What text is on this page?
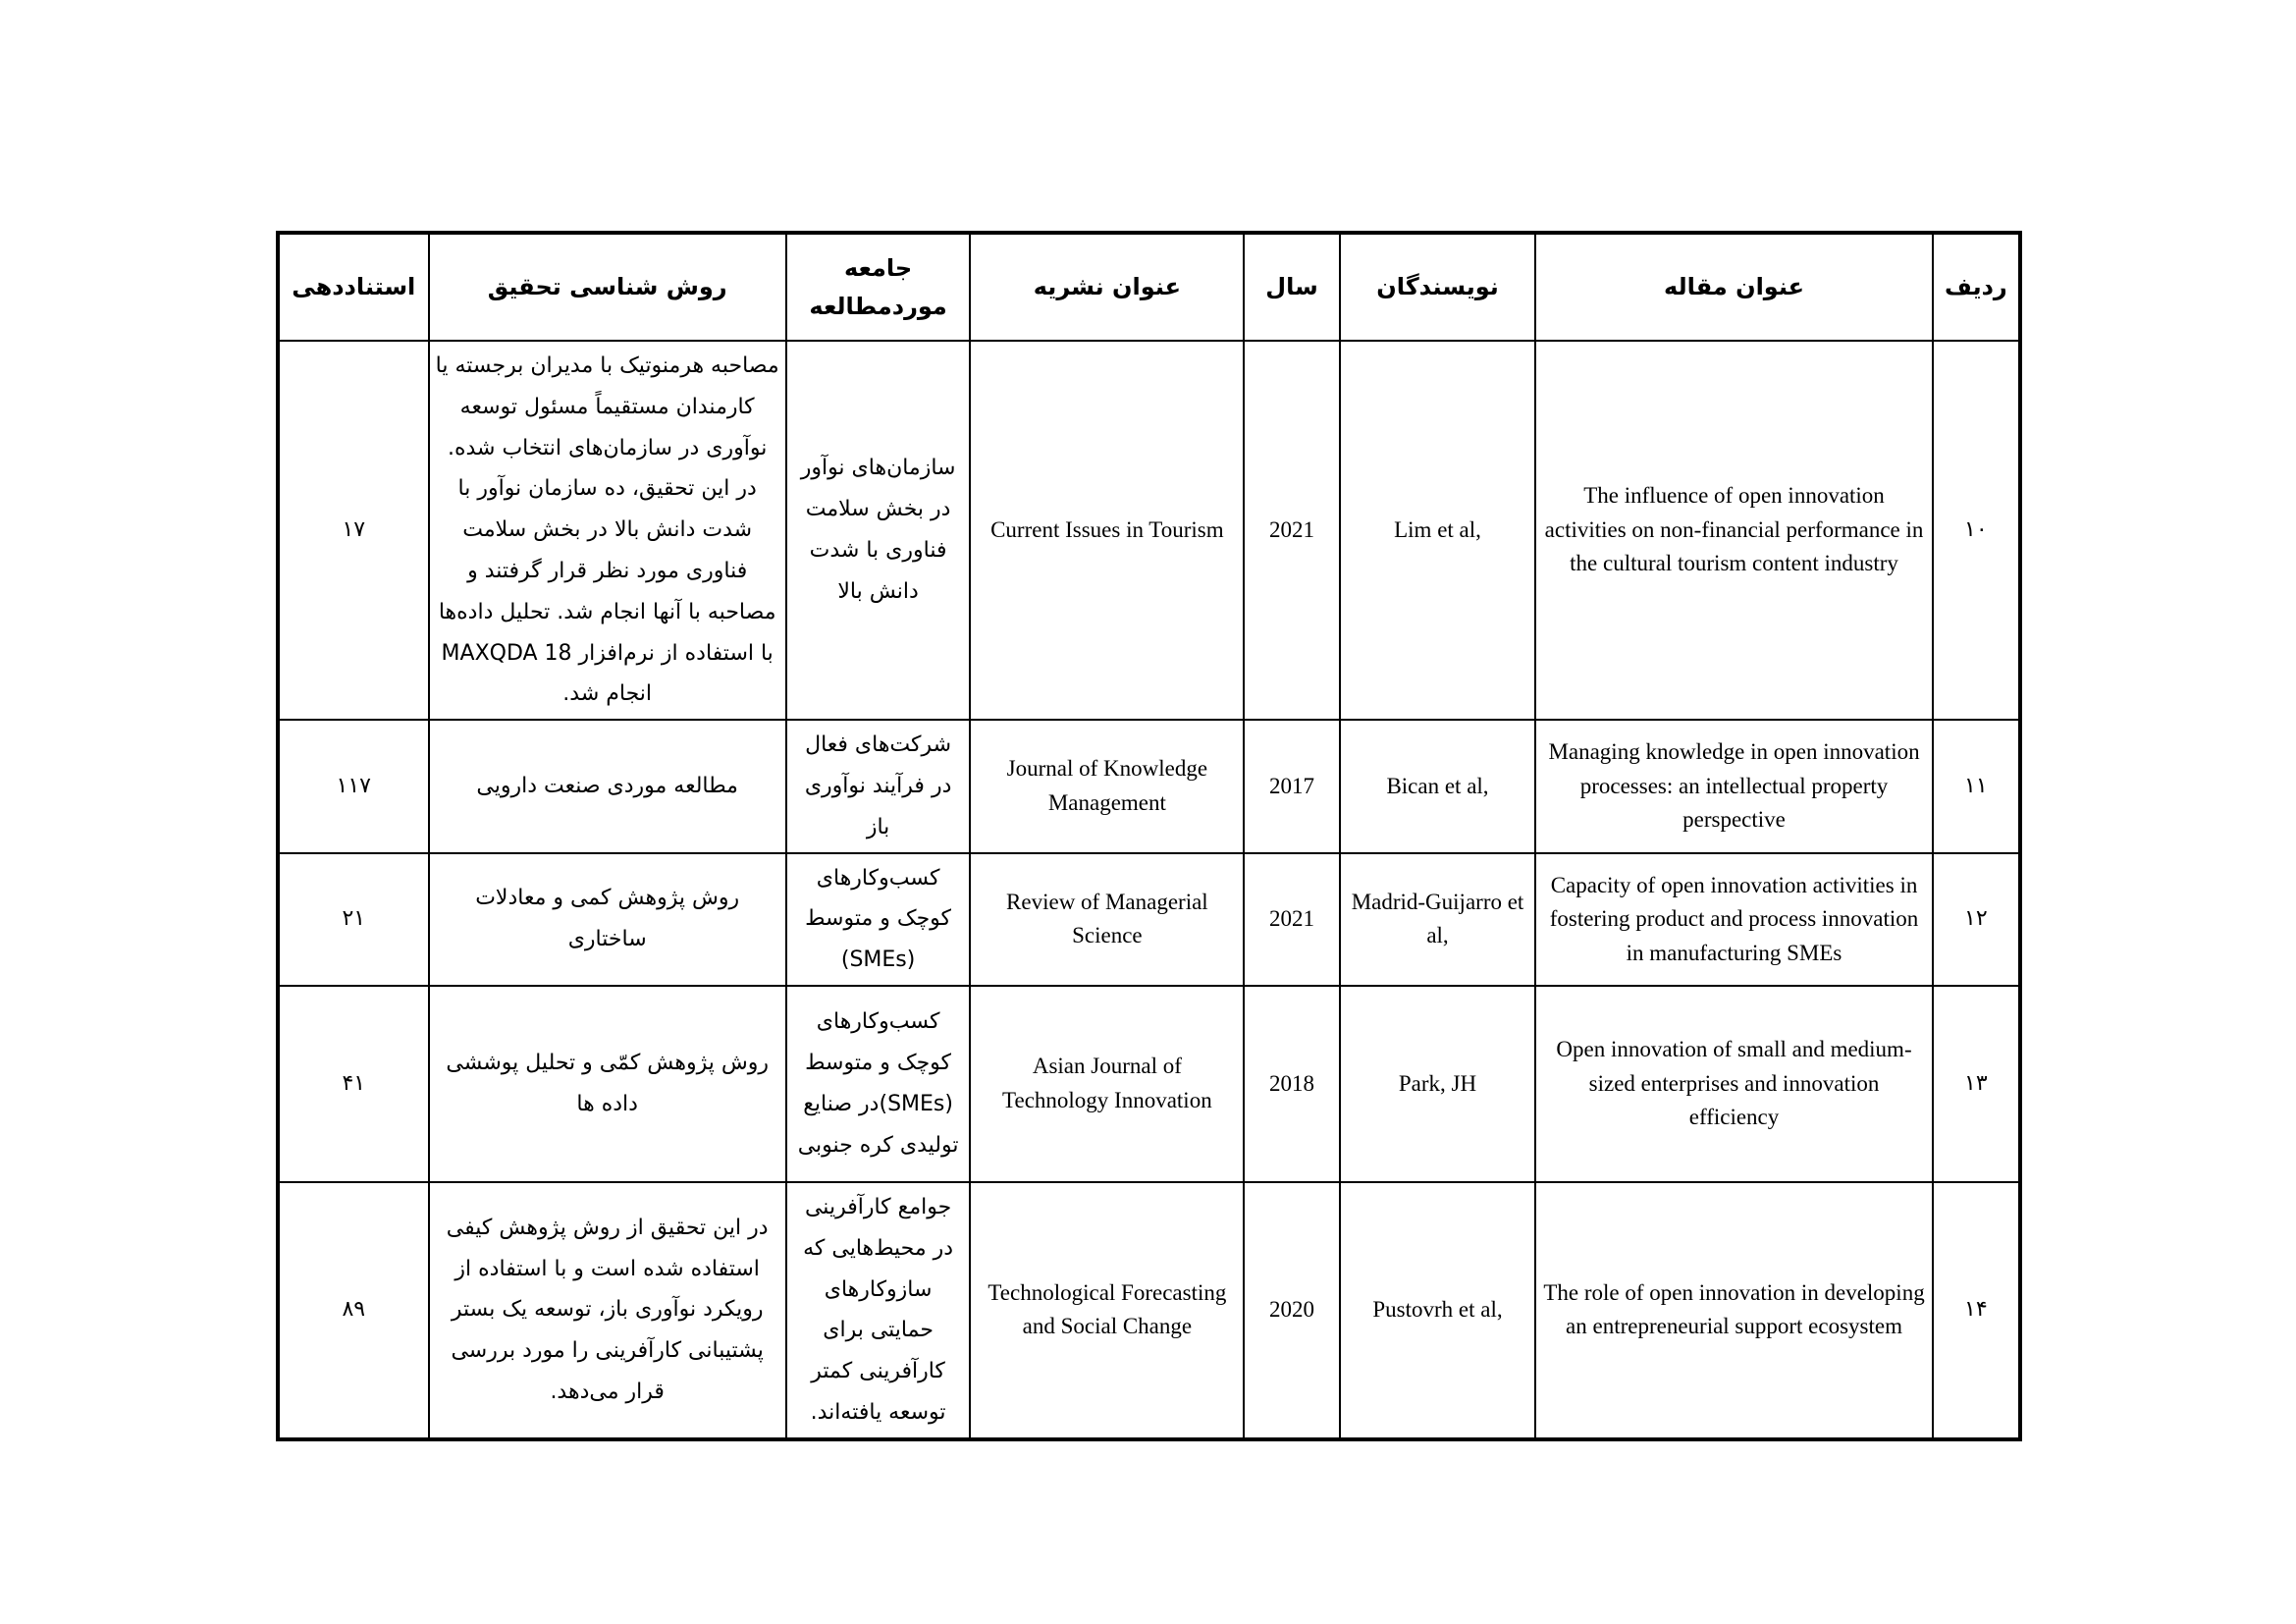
ردیف	عنوان مقاله	نویسندگان	سال	عنوان نشریه	جامعه موردمطالعه	روش شناسی تحقیق	استناددهی
۱۰	The influence of open innovation activities on non-financial performance in the cultural tourism content industry	Lim et al,	2021	Current Issues in Tourism	سازمان‌های نوآور در بخش سلامت فناوری با شدت دانش بالا	مصاحبه هرمنوتیک با مدیران برجسته یا کارمندان مستقیماً مسئول توسعه نوآوری در سازمان‌های انتخاب شده. در این تحقیق، ده سازمان نوآور با شدت دانش بالا در بخش سلامت فناوری مورد نظر قرار گرفتند و مصاحبه با آنها انجام شد. تحلیل داده‌ها با استفاده از نرم‌افزار MAXQDA 18 انجام شد.	۱۷
۱۱	Managing knowledge in open innovation processes: an intellectual property perspective	Bican et al,	2017	Journal of Knowledge Management	شرکت‌های فعال در فرآیند نوآوری باز	مطالعه موردی صنعت دارویی	۱۱۷
۱۲	Capacity of open innovation activities in fostering product and process innovation in manufacturing SMEs	Madrid-Guijarro et al,	2021	Review of Managerial Science	کسب‌وکارهای کوچک و متوسط (SMEs)	روش پژوهش کمی و معادلات ساختاری	۲۱
۱۳	Open innovation of small and medium-sized enterprises and innovation efficiency	Park, JH	2018	Asian Journal of Technology Innovation	کسب‌وکارهای کوچک و متوسط (SMEs)در صنایع تولیدی کره جنوبی	روش پژوهش کمّی و تحلیل پوششی داده ها	۴۱
۱۴	The role of open innovation in developing an entrepreneurial support ecosystem	Pustovrh et al,	2020	Technological Forecasting and Social Change	جوامع کارآفرینی در محیط‌هایی که سازوکارهای حمایتی برای کارآفرینی کمتر توسعه یافته‌اند.	در این تحقیق از روش پژوهش کیفی استفاده شده است و با استفاده از رویکرد نوآوری باز، توسعه یک بستر پشتیبانی کارآفرینی را مورد بررسی قرار می‌دهد.	۸۹
